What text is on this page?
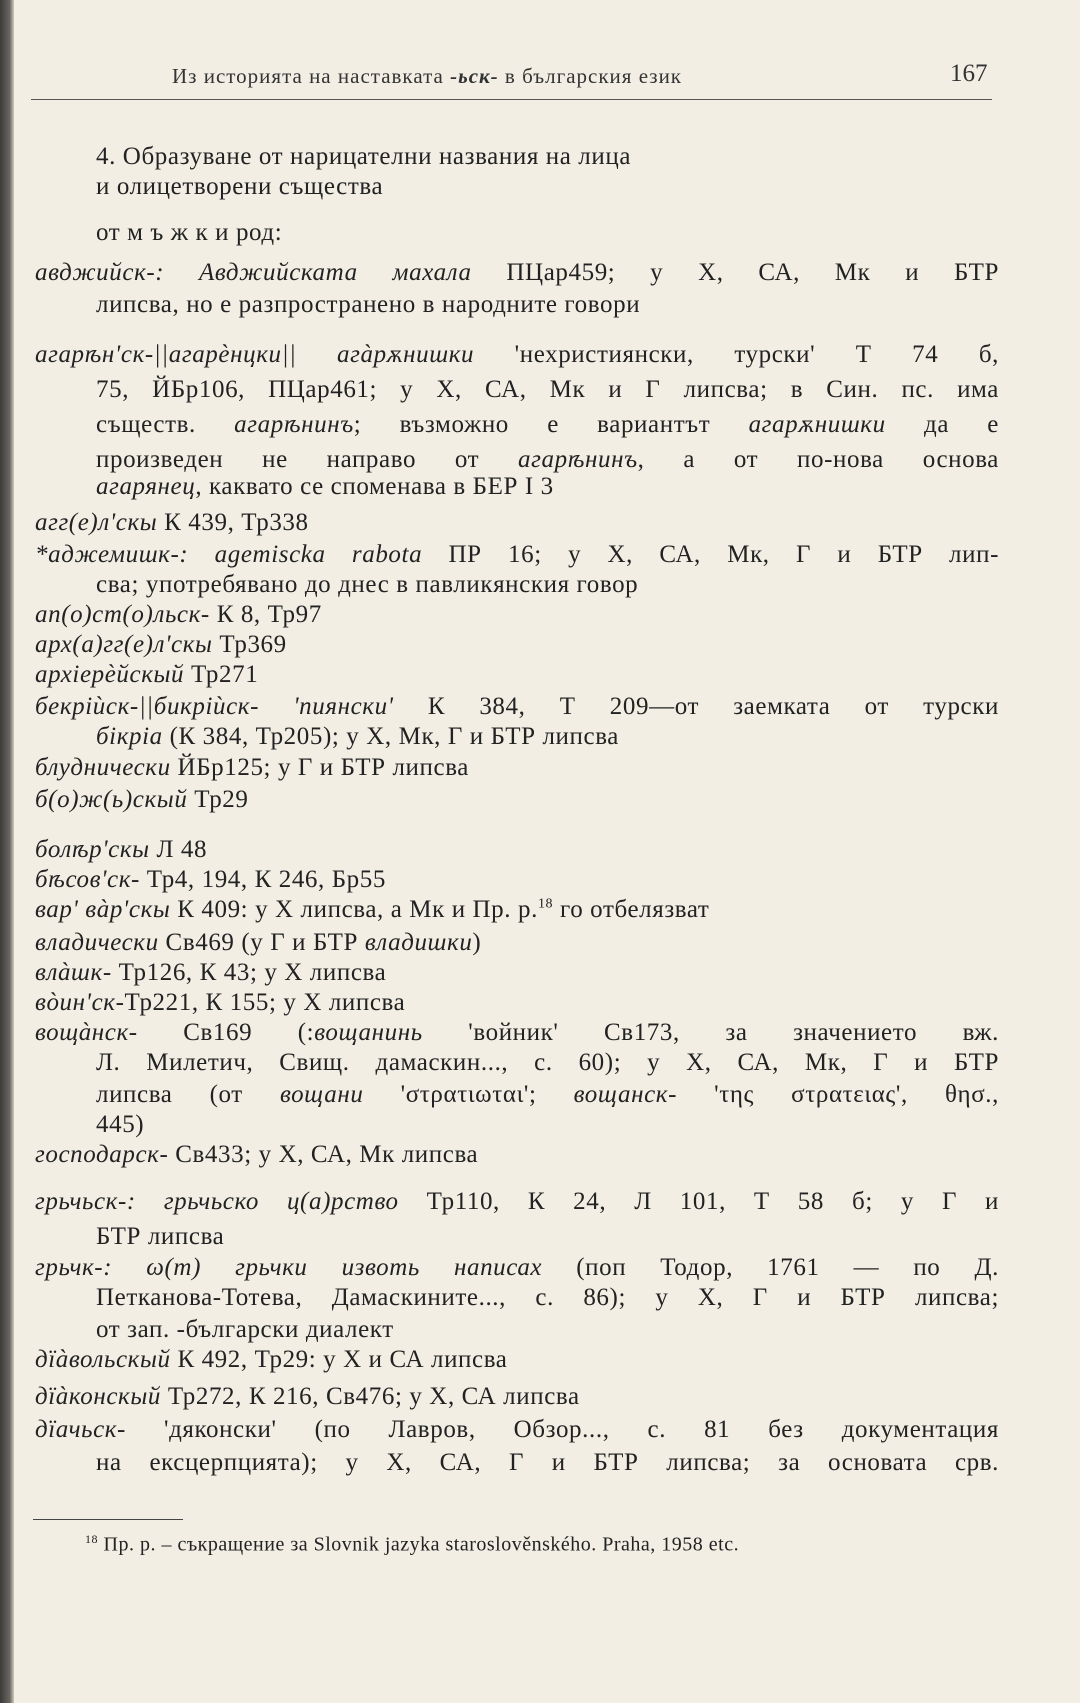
Из историята на наставката -ьск- в българския език	167
4. Образуване от нарицателни названия на лица
и олицетворени същества
от м ъ ж к и род:
авджийск-: Авджийската махала ПЦар459; у Х, СА, Мк и БТР
липсва, но е разпространено в народните говори
агарѣн'ск-||агарѐнцки|| агàрѫнишки 'нехристиянски, турски' Т 74 б,
75, ЙБр106, ПЦар461; у Х, СА, Мк и Г липсва; в Син. пс. има
съществ. агарѣнинъ; възможно е вариантът агарѫнишки да е
произведен не направо от агарѣнинъ, а от по-нова основа
агарянец, каквато се споменава в БЕР I 3
агг(е)л'скы К 439, Тр338
*аджемишк-: agemiscka rabota ПР 16; у Х, СА, Мк, Г и БТР лип-
сва; употребявано до днес в павликянския говор
ап(о)ст(о)льск- К 8, Тр97
арх(а)гг(е)л'скы Тр369
архіерѐйскый Тр271
бекріѝск-||бикріѝск- 'пиянски' К 384, Т 209—от заемката от турски
бікріа (К 384, Тр205); у Х, Мк, Г и БТР липсва
блуднически ЙБр125; у Г и БТР липсва
б(о)ж(ь)скый Тр29
болѣр'скы Л 48
бѣсов'ск- Тр4, 194, К 246, Бр55
вар' вàр'скы К 409: у Х липсва, а Мк и Пр. р.$^{18}$ го отбелязват
владически Св469 (у Г и БТР владишки)
влàшк- Тр126, К 43; у Х липсва
вòин'ск-Тр221, К 155; у Х липсва
вощàнск- Св169 (:вощанинь 'войник' Св173, за значението вж.
Л. Милетич, Свищ. дамаскин..., с. 60); у Х, СА, Мк, Г и БТР
липсва (от вощани 'στρατιωται'; вощанск- 'της στρατειας', θησ.,
445)
господарск- Св433; у Х, СА, Мк липсва
грьчьск-: грьчьско ц(а)рство Тр110, К 24, Л 101, Т 58 б; у Г и
БТР липсва
грьчк-: ω(т) грьчки извоть написах (поп Тодор, 1761 — по Д.
Петканова-Тотева, Дамаскините..., с. 86); у Х, Г и БТР липсва;
от зап. -български диалект
дïàвольскый К 492, Тр29: у Х и СА липсва
дïàконскый Тр272, К 216, Св476; у Х, СА липсва
дïачьск- 'дяконски' (по Лавров, Обзор..., с. 81 без документация
на ексцерпцията); у Х, СА, Г и БТР липсва; за основата срв.
$^{18}$ Пр. р. – съкращение за Slovnik jazyka staroslověnského. Praha, 1958 etc.
